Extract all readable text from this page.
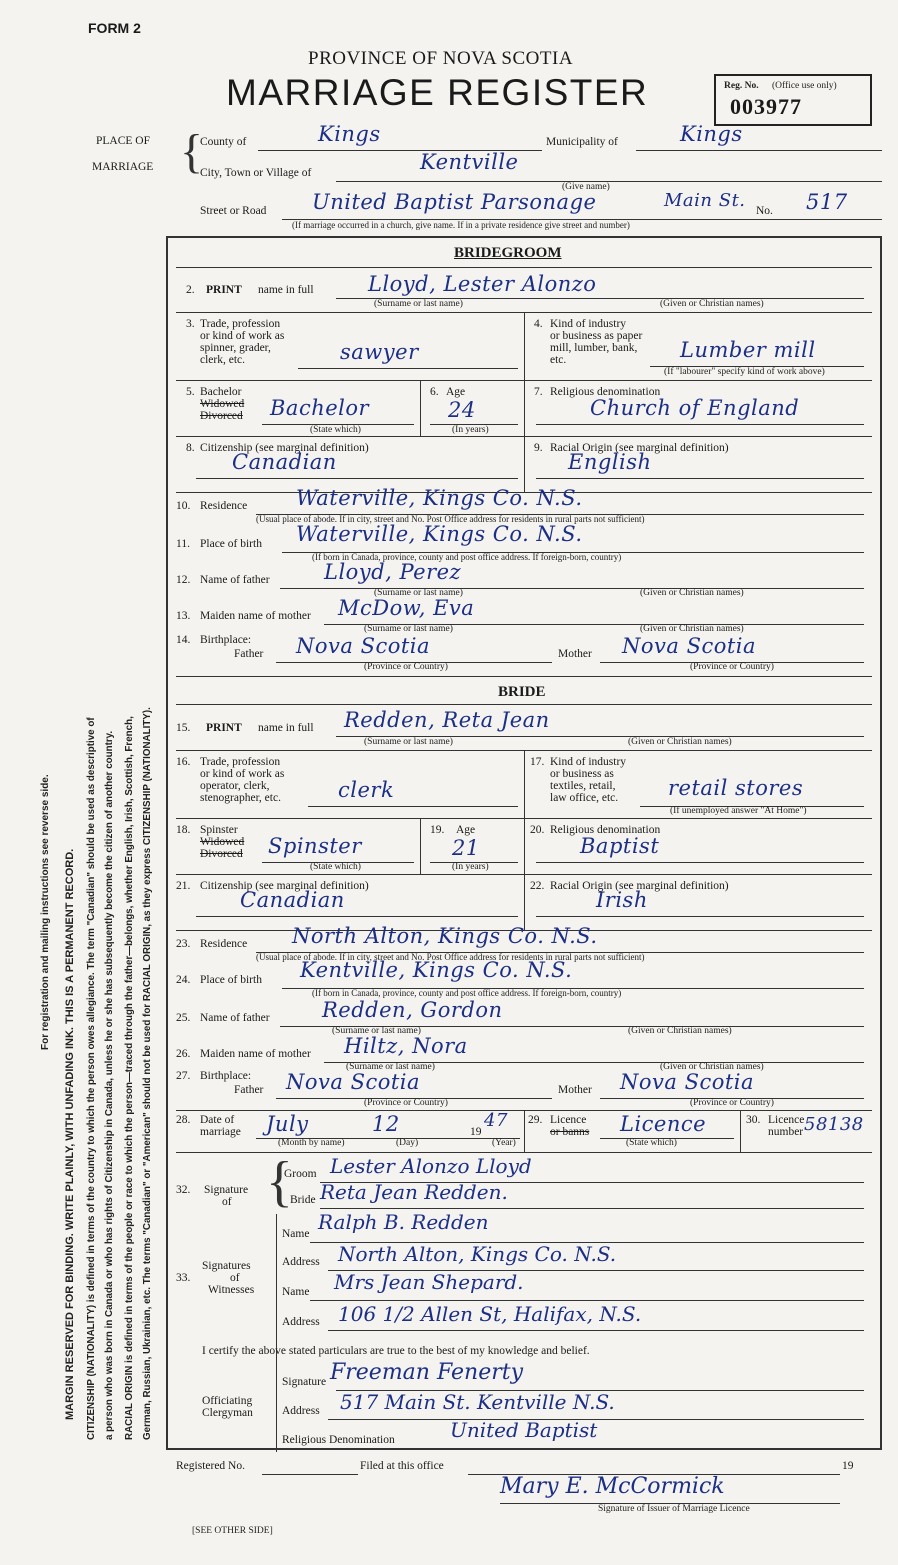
FORM 2
PROVINCE OF NOVA SCOTIA
MARRIAGE REGISTER	Reg. No. (Office use only)
003977
PLACE OF
MARRIAGE {
County of	Kings	Municipality of	Kings
City, Town or Village of	Kentville
(Give name)
Street or Road United Baptist Parsonage	Main St. No. 517
(If marriage occurred in a church, give name. If in a private residence give street and number)
BRIDEGROOM
2. PRINT name in full	Lloyd, Lester Alonzo
(Surname or last name)	(Given or Christian names)
3. Trade, profession
or kind of work as
spinner, grader,
clerk, etc.	sawyer
4. Kind of industry
or business as paper
mill, lumber, bank,
etc.	Lumber mill
(If "labourer" specify kind of work above)
5. Bachelor
Widowed
Divorced Bachelor
(State which)
6. Age
24
(In years)
7. Religious denomination
Church of England
8. Citizenship (see marginal definition)
Canadian
9. Racial Origin (see marginal definition)
English
10. Residence Waterville, Kings Co. N.S.
(Usual place of abode. If in city, street and No. Post Office address for residents in rural parts not sufficient)
11. Place of birth Waterville, Kings Co. N.S.
(If born in Canada, province, county and post office address. If foreign-born, country)
12. Name of father	Lloyd, Perez
(Surname or last name)	(Given or Christian names)
13. Maiden name of mother McDow, Eva
(Surname or last name)	(Given or Christian names)
14. Birthplace:
Father Nova Scotia	Mother Nova Scotia
(Province or Country)	(Province or Country)
BRIDE
15. PRINT name in full Redden, Reta Jean
(Surname or last name)	(Given or Christian names)
16. Trade, profession
or kind of work as
operator, clerk,
stenographer, etc.	clerk
17. Kind of industry
or business as
textiles, retail,
law office, etc. retail stores
(If unemployed answer "At Home")
18. Spinster
Widowed
Divorced Spinster
(State which)
19. Age
21
(In years)
20. Religious denomination
Baptist
21. Citizenship (see marginal definition)
Canadian
22. Racial Origin (see marginal definition)
Irish
23. Residence North Alton, Kings Co. N.S.
(Usual place of abode. If in city, street and No. Post Office address for residents in rural parts not sufficient)
24. Place of birth Kentville, Kings Co. N.S.
(If born in Canada, province, county and post office address. If foreign-born, country)
25. Name of father Redden, Gordon
(Surname or last name)	(Given or Christian names)
26. Maiden name of mother Hiltz, Nora
(Surname or last name)	(Given or Christian names)
27. Birthplace:
Father Nova Scotia	Mother Nova Scotia
(Province or Country)	(Province or Country)
28. Date of
marriage July	12	19
47
(Month by name)	(Day)	(Year)
29. Licence
or banns Licence
(State which)
30. Licence
number 58138
32. Signature
of {
Groom Lester Alonzo Lloyd
Bride Reta Jean Redden.
33.
Signatures
of
Witnesses
Name Ralph B. Redden
Address North Alton, Kings Co. N.S.
Name Mrs Jean Shepard.
Address 106 1/2 Allen St, Halifax, N.S.
I certify the above stated particulars are true to the best of my knowledge and belief.
Officiating
Clergyman
Signature Freeman Fenerty
Address 517 Main St. Kentville N.S.
Religious Denomination	United Baptist
Registered No.	Filed at this office	19
Mary E. McCormick
Signature of Issuer of Marriage Licence
[SEE OTHER SIDE]
For registration and mailing instructions see reverse side. MARGIN RESERVED FOR BINDING. WRITE PLAINLY, WITH UNFADING INK. THIS IS A PERMANENT RECORD. CITIZENSHIP (NATIONALITY) is defined in terms of the country to which the person owes allegiance. The term "Canadian" should be used as descriptive of a person who was born in Canada or who has rights of Citizenship in Canada, unless he or she has subsequently become the citizen of another country. RACIAL ORIGIN is defined in terms of the people or race to which the person—traced through the father—belongs, whether English, Irish, Scottish, French, German, Russian, Ukrainian, etc. The terms "Canadian" or "American" should not be used for RACIAL ORIGIN, as they express CITIZENSHIP (NATIONALITY).
